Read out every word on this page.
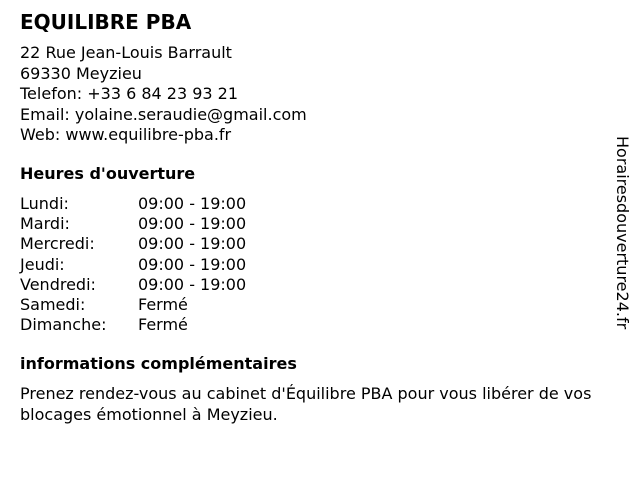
EQUILIBRE PBA
22 Rue Jean-Louis Barrault
69330 Meyzieu
Telefon: +33 6 84 23 93 21
Email: yolaine.seraudie@gmail.com
Web: www.equilibre-pba.fr
Heures d'ouverture
Lundi:	09:00 - 19:00
Mardi:	09:00 - 19:00
Mercredi:	09:00 - 19:00
Jeudi:	09:00 - 19:00
Vendredi:	09:00 - 19:00
Samedi:	Fermé
Dimanche:	Fermé
informations complémentaires
Prenez rendez-vous au cabinet d'Équilibre PBA pour vous libérer de vos blocages émotionnel à Meyzieu.
Horairesdouverture24.fr
